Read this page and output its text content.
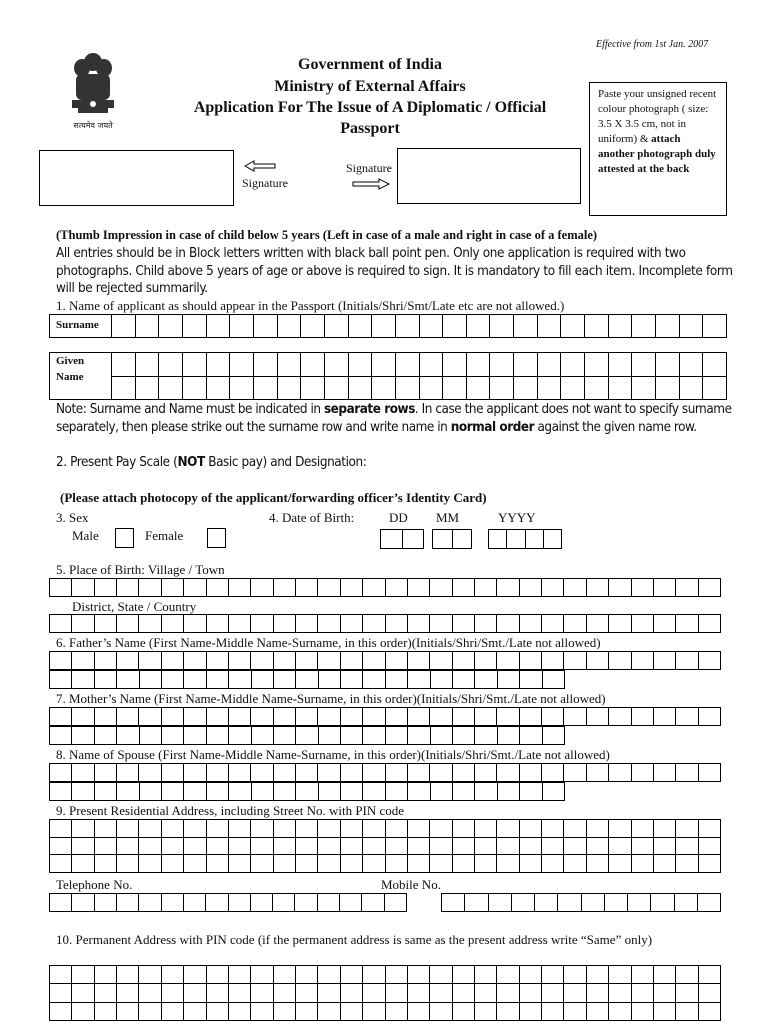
Effective from 1st Jan. 2007
सत्यमेव जयते
Government of India
Ministry of External Affairs
Application For The Issue of A Diplomatic / Official
Passport
Paste your unsigned recent colour photograph ( size: 3.5 X 3.5 cm, not in uniform) & attach another photograph duly attested at the back
Signature
Signature
(Thumb Impression in case of child below 5 years (Left in case of a male and right in case of a female)
All entries should be in Block letters written with black ball point pen. Only one application is required with two photographs. Child above 5 years of age or above is required to sign. It is mandatory to fill each item. Incomplete form will be rejected summarily.
1. Name of applicant as should appear in the Passport (Initials/Shri/Smt/Late etc are not allowed.)
Surname
Given
Name
Note: Surname and Name must be indicated in separate rows. In case the applicant does not want to specify surname separately, then please strike out the surname row and write name in normal order against the given name row.
2. Present Pay Scale (NOT Basic pay) and Designation:
(Please attach photocopy of the applicant/forwarding officer’s Identity Card)
3. Sex
Male	Female
4. Date of Birth:	DD MM	YYYY
5. Place of Birth: Village / Town
District, State / Country
6. Father’s Name (First Name-Middle Name-Surname, in this order)(Initials/Shri/Smt./Late not allowed)
7. Mother’s Name (First Name-Middle Name-Surname, in this order)(Initials/Shri/Smt./Late not allowed)
8. Name of Spouse (First Name-Middle Name-Surname, in this order)(Initials/Shri/Smt./Late not allowed)
9. Present Residential Address, including Street No. with PIN code
Telephone No.	Mobile No.
10. Permanent Address with PIN code (if the permanent address is same as the present address write “Same” only)
